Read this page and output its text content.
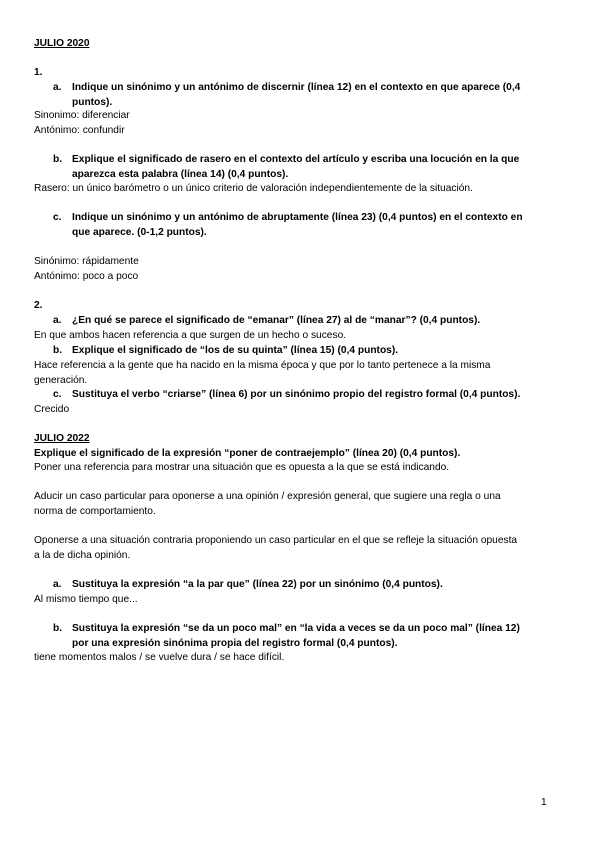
JULIO 2020
1.
a. Indique un sinónimo y un antónimo de discernir (línea 12) en el contexto en que aparece (0,4
puntos).
Sinonimo: diferenciar
Antónimo: confundir
b. Explique el significado de rasero en el contexto del artículo y escriba una locución en la que
aparezca esta palabra (línea 14) (0,4 puntos).
Rasero: un único barómetro o un único criterio de valoración independientemente de la situación.
c. Indique un sinónimo y un antónimo de abruptamente (línea 23) (0,4 puntos) en el contexto en
que aparece. (0-1,2 puntos).
Sinónimo: rápidamente
Antónimo: poco a poco
2.
a. ¿En qué se parece el significado de “emanar” (línea 27) al de “manar”? (0,4 puntos).
En que ambos hacen referencia a que surgen de un hecho o suceso.
b. Explique el significado de “los de su quinta” (línea 15) (0,4 puntos).
Hace referencia a la gente que ha nacido en la misma época y que por lo tanto pertenece a la misma
generación.
c. Sustituya el verbo “criarse” (línea 6) por un sinónimo propio del registro formal (0,4 puntos).
Crecido
JULIO 2022
Explique el significado de la expresión “poner de contraejemplo” (línea 20) (0,4 puntos).
Poner una referencia para mostrar una situación que es opuesta a la que se está indicando.
Aducir un caso particular para oponerse a una opinión / expresión general, que sugiere una regla o una
norma de comportamiento.
Oponerse a una situación contraria proponiendo un caso particular en el que se refleje la situación opuesta
a la de dicha opinión.
a. Sustituya la expresión “a la par que” (línea 22) por un sinónimo (0,4 puntos).
Al mismo tiempo que...
b. Sustituya la expresión “se da un poco mal” en “la vida a veces se da un poco mal” (línea 12)
por una expresión sinónima propia del registro formal (0,4 puntos).
tiene momentos malos / se vuelve dura / se hace difícil.
1
